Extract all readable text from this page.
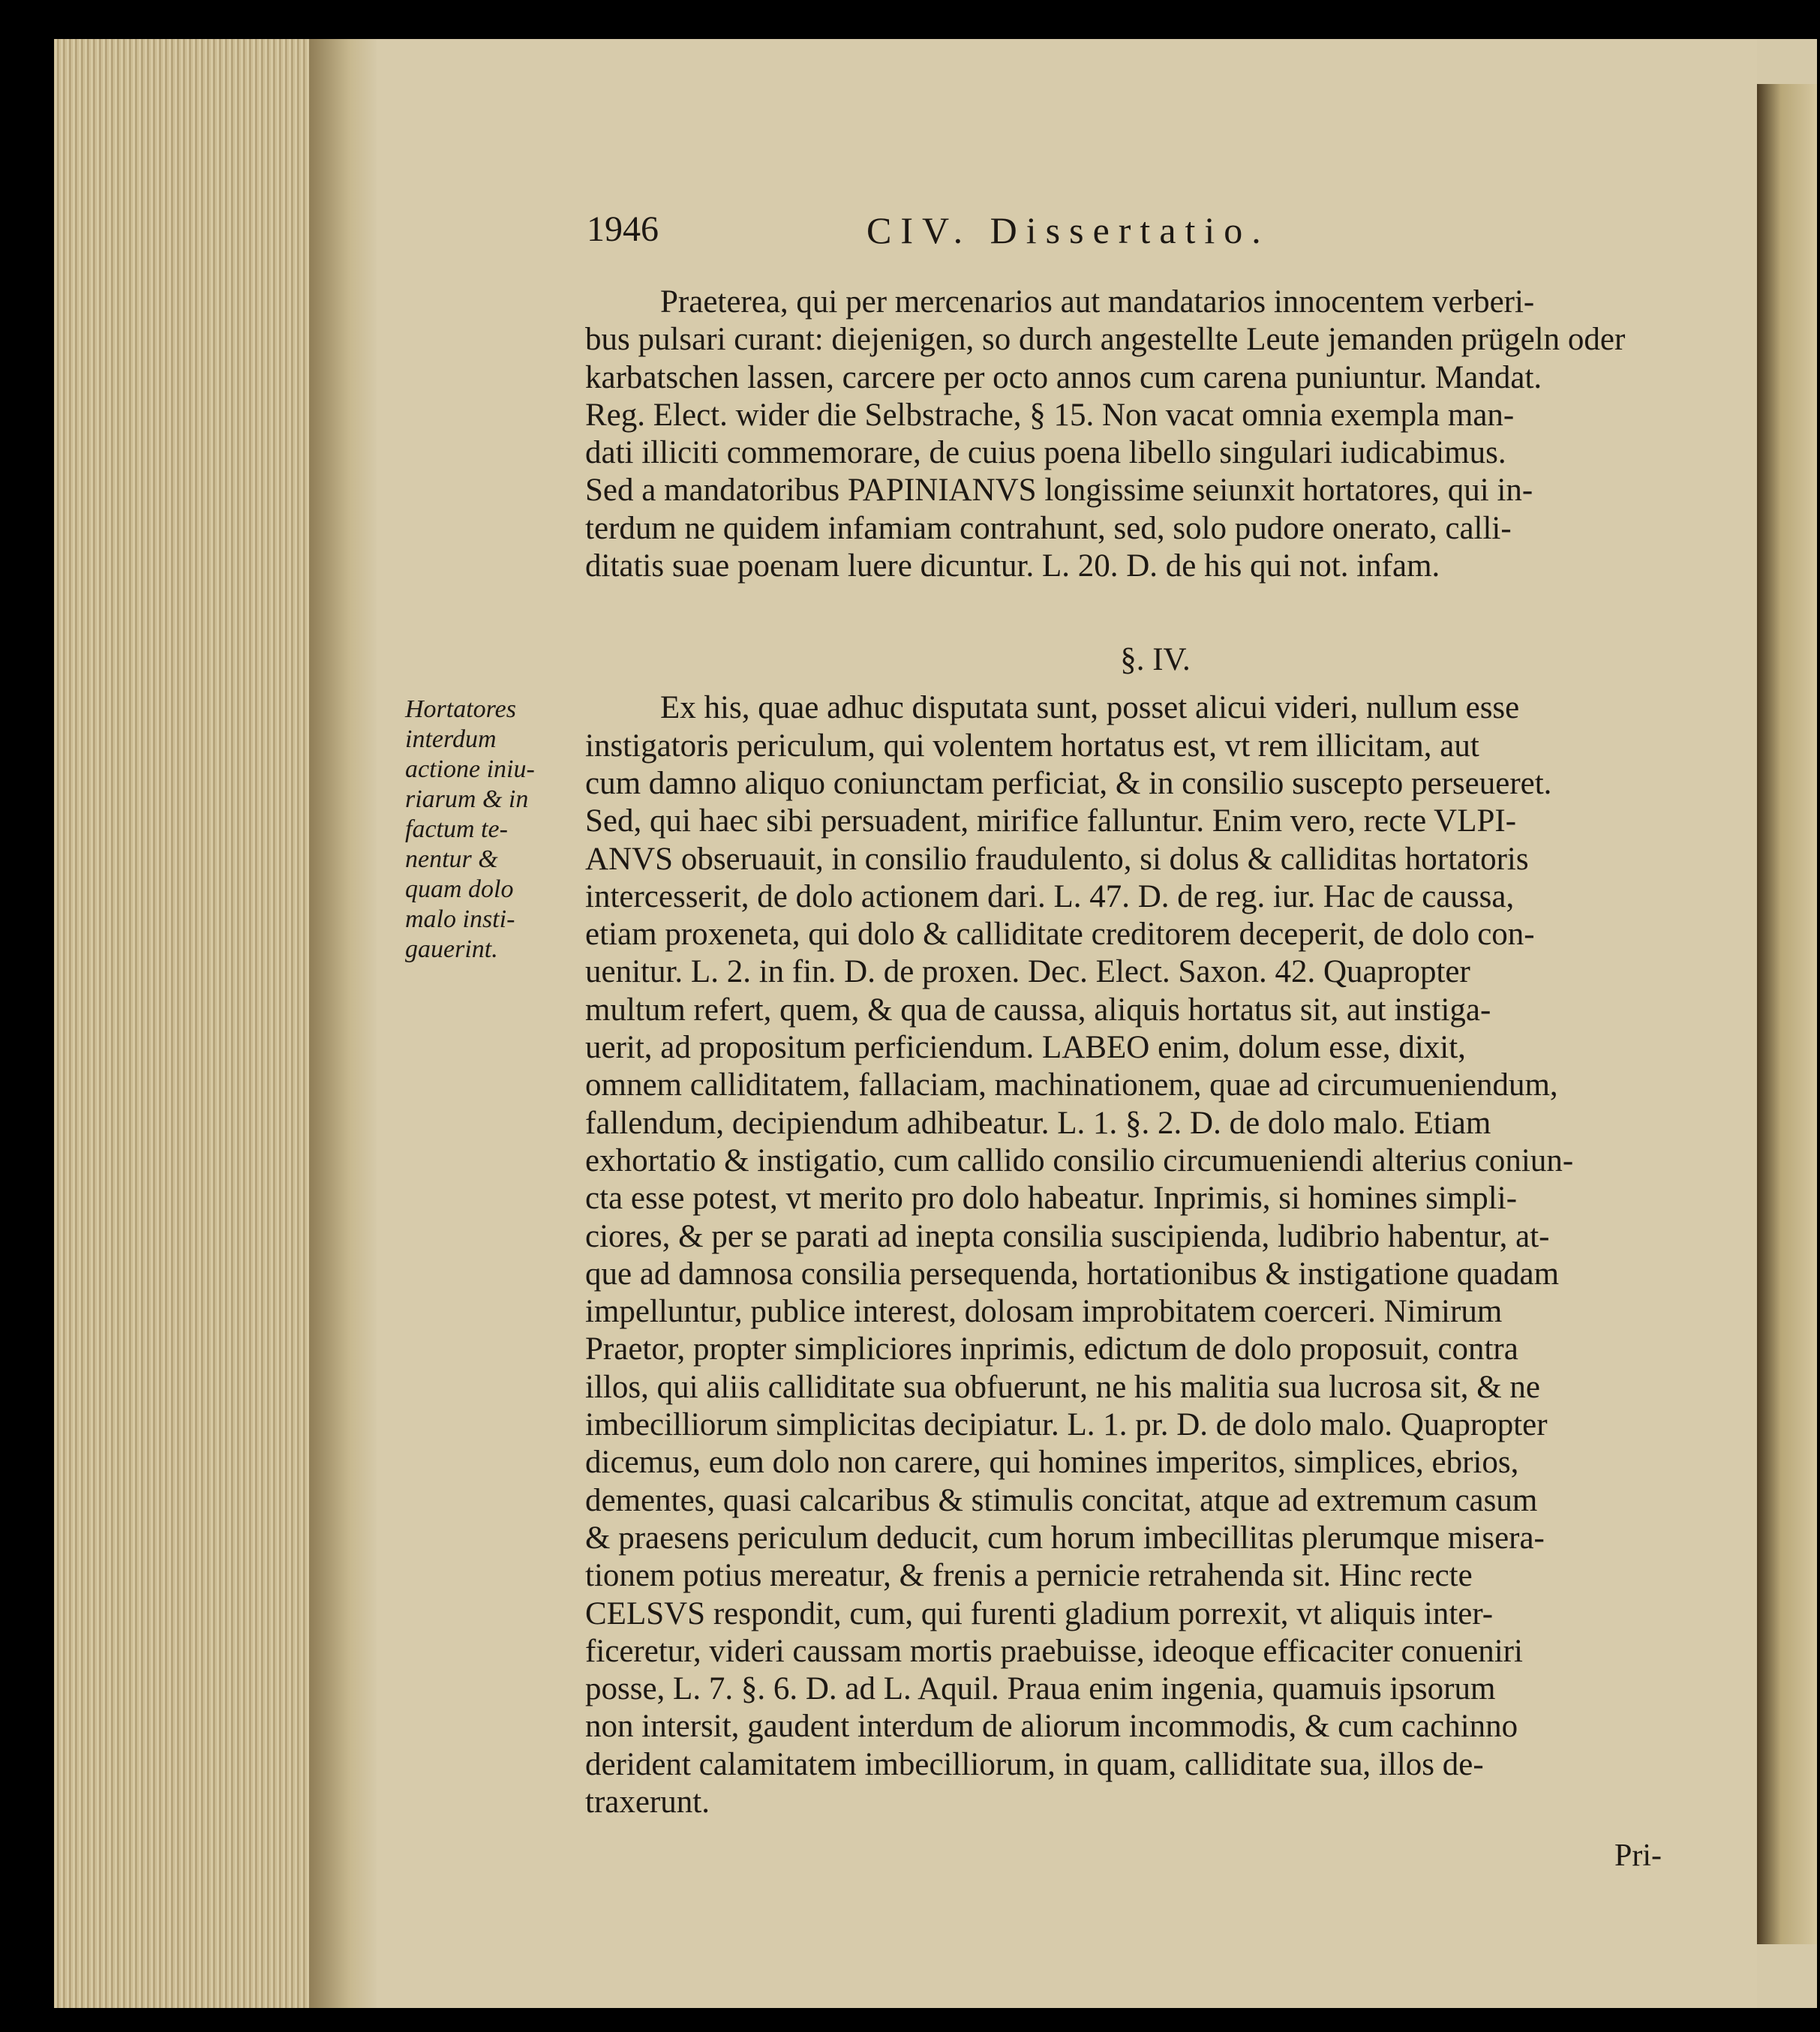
1946	CIV. Dissertatio.
Praeterea, qui per mercenarios aut mandatarios innocentem verberi-
bus pulsari curant: diejenigen, so durch angestellte Leute jemanden prügeln oder
karbatschen lassen, carcere per octo annos cum carena puniuntur. Mandat.
Reg. Elect. wider die Selbstrache, § 15. Non vacat omnia exempla man-
dati illiciti commemorare, de cuius poena libello singulari iudicabimus.
Sed a mandatoribus PAPINIANVS longissime seiunxit hortatores, qui in-
terdum ne quidem infamiam contrahunt, sed, solo pudore onerato, calli-
ditatis suae poenam luere dicuntur. L. 20. D. de his qui not. infam.
§. IV.
Ex his, quae adhuc disputata sunt, posset alicui videri, nullum esse
instigatoris periculum, qui volentem hortatus est, vt rem illicitam, aut
cum damno aliquo coniunctam perficiat, & in consilio suscepto perseueret.
Sed, qui haec sibi persuadent, mirifice falluntur. Enim vero, recte VLPI-
ANVS obseruauit, in consilio fraudulento, si dolus & calliditas hortatoris
intercesserit, de dolo actionem dari. L. 47. D. de reg. iur. Hac de caussa,
etiam proxeneta, qui dolo & calliditate creditorem deceperit, de dolo con-
uenitur. L. 2. in fin. D. de proxen. Dec. Elect. Saxon. 42. Quapropter
multum refert, quem, & qua de caussa, aliquis hortatus sit, aut instiga-
uerit, ad propositum perficiendum. LABEO enim, dolum esse, dixit,
omnem calliditatem, fallaciam, machinationem, quae ad circumueniendum,
fallendum, decipiendum adhibeatur. L. 1. §. 2. D. de dolo malo. Etiam
exhortatio & instigatio, cum callido consilio circumueniendi alterius coniun-
cta esse potest, vt merito pro dolo habeatur. Inprimis, si homines simpli-
ciores, & per se parati ad inepta consilia suscipienda, ludibrio habentur, at-
que ad damnosa consilia persequenda, hortationibus & instigatione quadam
impelluntur, publice interest, dolosam improbitatem coerceri. Nimirum
Praetor, propter simpliciores inprimis, edictum de dolo proposuit, contra
illos, qui aliis calliditate sua obfuerunt, ne his malitia sua lucrosa sit, & ne
imbecilliorum simplicitas decipiatur. L. 1. pr. D. de dolo malo. Quapropter
dicemus, eum dolo non carere, qui homines imperitos, simplices, ebrios,
dementes, quasi calcaribus & stimulis concitat, atque ad extremum casum
& praesens periculum deducit, cum horum imbecillitas plerumque misera-
tionem potius mereatur, & frenis a pernicie retrahenda sit. Hinc recte
CELSVS respondit, cum, qui furenti gladium porrexit, vt aliquis inter-
ficeretur, videri caussam mortis praebuisse, ideoque efficaciter conueniri
posse, L. 7. §. 6. D. ad L. Aquil. Praua enim ingenia, quamuis ipsorum
non intersit, gaudent interdum de aliorum incommodis, & cum cachinno
derident calamitatem imbecilliorum, in quam, calliditate sua, illos de-
traxerunt.
Hortatores
interdum
actione iniu-
riarum & in
factum te-
nentur &
quam dolo
malo insti-
gauerint.
Pri-
